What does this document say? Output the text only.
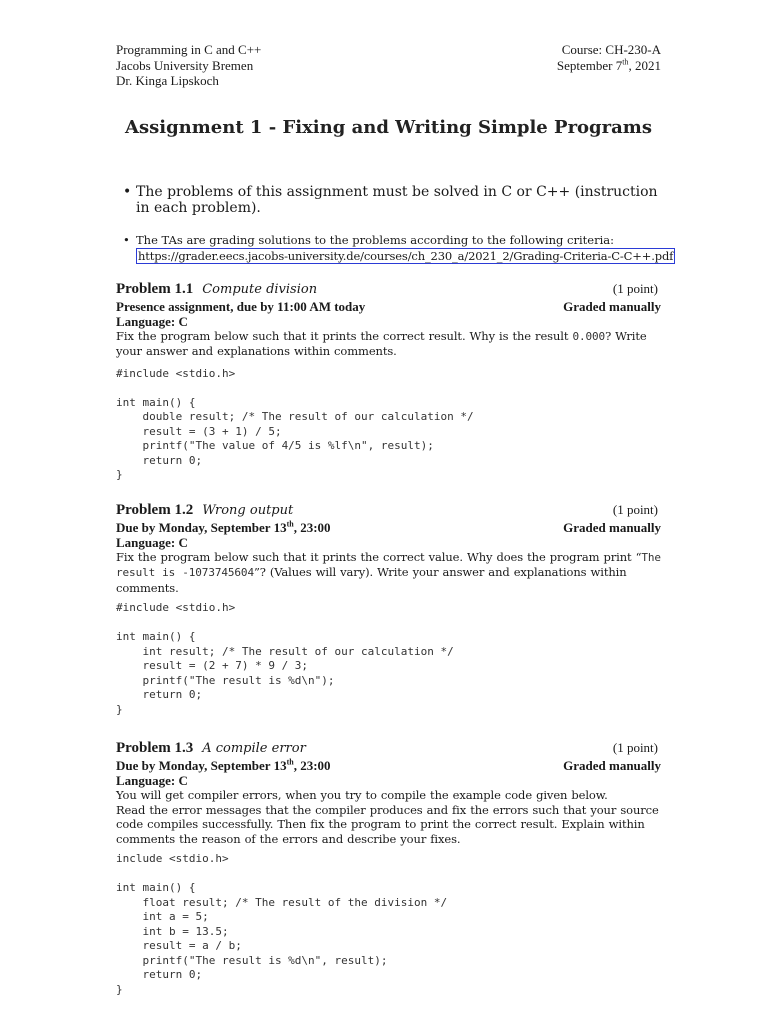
Programming in C and C++
Jacobs University Bremen
Dr. Kinga Lipskoch
Course: CH-230-A
September 7th, 2021
Assignment 1 - Fixing and Writing Simple Programs
• The problems of this assignment must be solved in C or C++ (instruction in each problem).
• The TAs are grading solutions to the problems according to the following criteria:
https://grader.eecs.jacobs-university.de/courses/ch_230_a/2021_2/Grading-Criteria-C-C++.pdf
Problem 1.1 Compute division	(1 point)
Presence assignment, due by 11:00 AM today	Graded manually
Language: C
Fix the program below such that it prints the correct result. Why is the result 0.000? Write your answer and explanations within comments.
#include <stdio.h>

int main() {
double result; /* The result of our calculation */
result = (3 + 1) / 5;
printf("The value of 4/5 is %lf\n", result);
return 0;
}
Problem 1.2 Wrong output	(1 point)
Due by Monday, September 13th, 23:00	Graded manually
Language: C
Fix the program below such that it prints the correct value. Why does the program print “The result is -1073745604”? (Values will vary). Write your answer and explanations within comments.
#include <stdio.h>

int main() {
int result; /* The result of our calculation */
result = (2 + 7) * 9 / 3;
printf("The result is %d\n");
return 0;
}
Problem 1.3 A compile error	(1 point)
Due by Monday, September 13th, 23:00	Graded manually
Language: C
You will get compiler errors, when you try to compile the example code given below.
Read the error messages that the compiler produces and fix the errors such that your source code compiles successfully. Then fix the program to print the correct result. Explain within comments the reason of the errors and describe your fixes.
include <stdio.h>

int main() {
float result; /* The result of the division */
int a = 5;
int b = 13.5;
result = a / b;
printf("The result is %d\n", result);
return 0;
}
